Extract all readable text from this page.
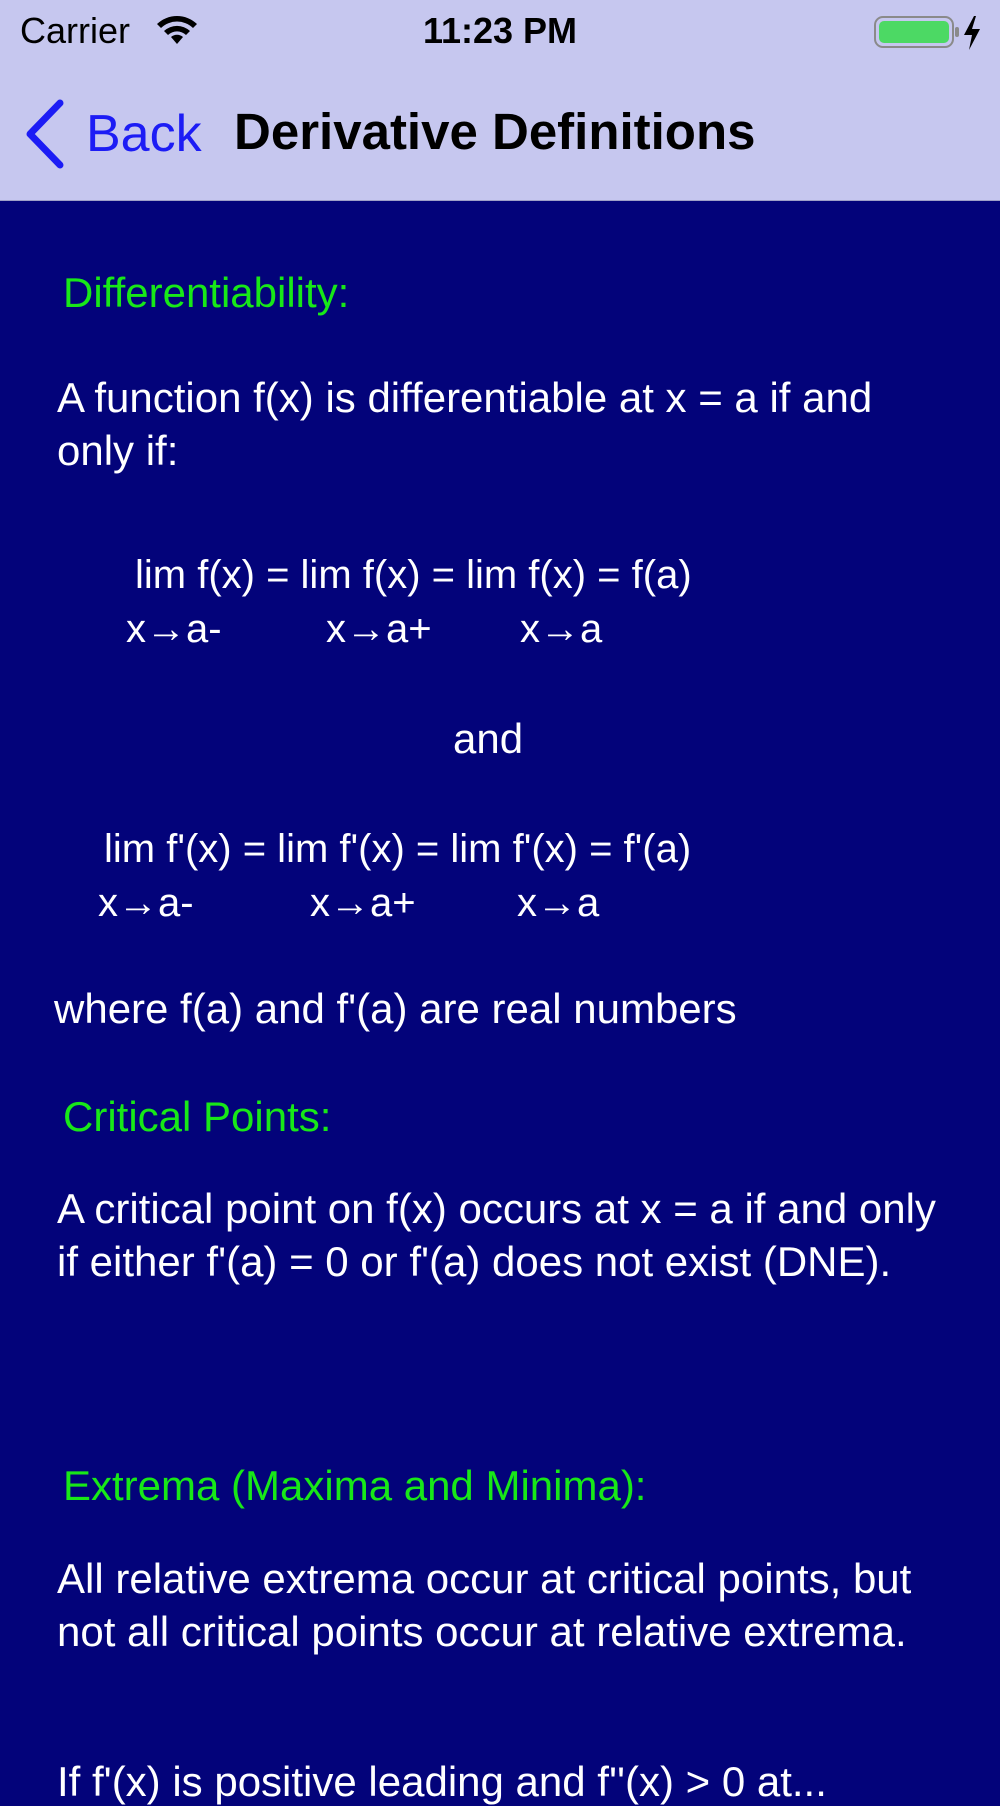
Carrier	11:23 PM
Back Derivative Definitions
Differentiability:
A function f(x) is differentiable at x = a if and only if:
lim f(x) = lim f(x) = lim f(x) = f(a)
x→a-	x→a+ x→a
and
lim f'(x) = lim f'(x) = lim f'(x) = f'(a)
x→a-	x→a+	x→a
where f(a) and f'(a) are real numbers
Critical Points:
A critical point on f(x) occurs at x = a if and only if either f'(a) = 0 or f'(a) does not exist (DNE).
Extrema (Maxima and Minima):
All relative extrema occur at critical points, but not all critical points occur at relative extrema.
If f'(x) is positive leading and f''(x) > 0 at...
